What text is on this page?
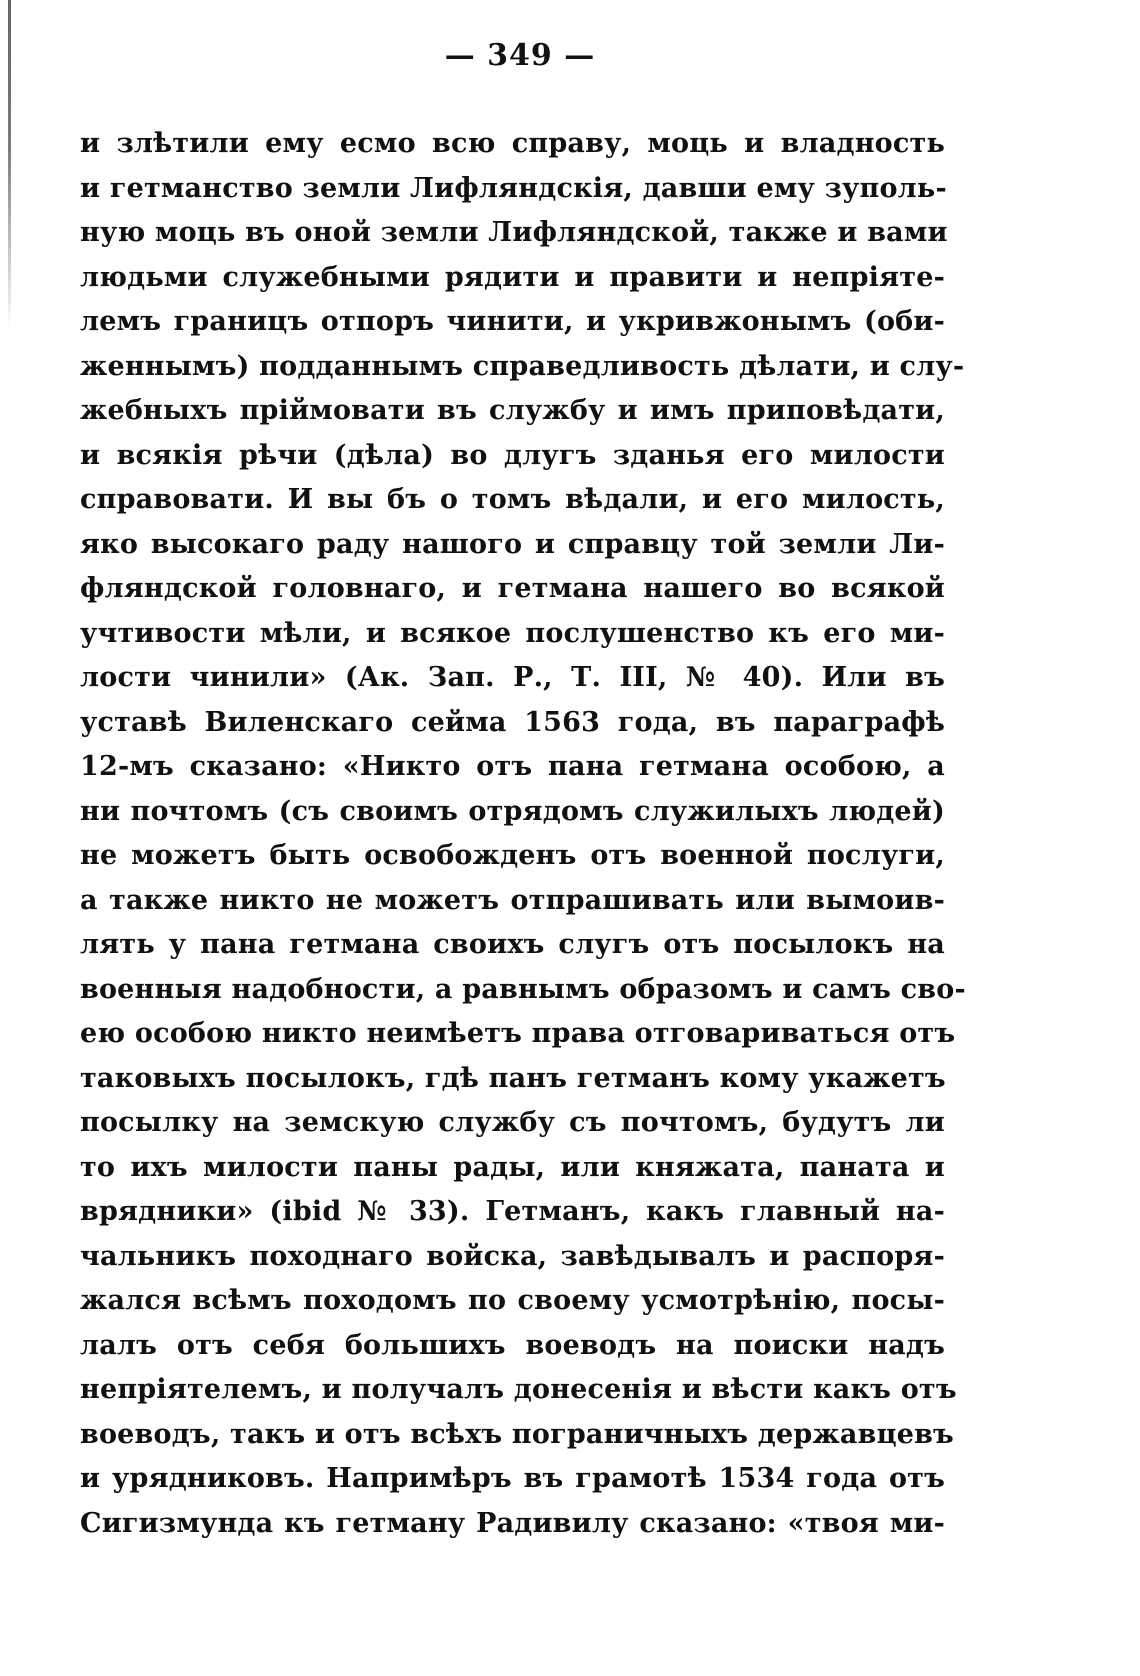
— 349 —
и злѣтили ему есмо всю справу, моць и владность
и гетманство земли Лифляндскія, давши ему зуполь-
ную моць въ оной земли Лифляндской, также и вами
людьми служебными рядити и правити и непріяте-
лемъ границъ отпоръ чинити, и укривжонымъ (оби-
женнымъ) подданнымъ справедливость дѣлати, и слу-
жебныхъ пріймовати въ службу и имъ приповѣдати,
и всякія рѣчи (дѣла) во длугъ зданья его милости
справовати. И вы бъ о томъ вѣдали, и его милость,
яко высокаго раду нашого и справцу той земли Ли-
фляндской головнаго, и гетмана нашего во всякой
учтивости мѣли, и всякое послушенство къ его ми-
лости чинили» (Ак. Зап. Р., Т. III, № 40). Или въ
уставѣ Виленскаго сейма 1563 года, въ параграфѣ
12-мъ сказано: «Никто отъ пана гетмана особою, а
ни почтомъ (съ своимъ отрядомъ служилыхъ людей)
не можетъ быть освобожденъ отъ военной послуги,
а также никто не можетъ отпрашивать или вымоив-
лять у пана гетмана своихъ слугъ отъ посылокъ на
военныя надобности, а равнымъ образомъ и самъ сво-
ею особою никто неимѣетъ права отговариваться отъ
таковыхъ посылокъ, гдѣ панъ гетманъ кому укажетъ
посылку на земскую службу съ почтомъ, будутъ ли
то ихъ милости паны рады, или княжата, паната и
врядники» (ibid № 33). Гетманъ, какъ главный на-
чальникъ походнаго войска, завѣдывалъ и распоря-
жался всѣмъ походомъ по своему усмотрѣнію, посы-
лалъ отъ себя большихъ воеводъ на поиски надъ
непріятелемъ, и получалъ донесенія и вѣсти какъ отъ
воеводъ, такъ и отъ всѣхъ пограничныхъ державцевъ
и урядниковъ. Напримѣръ въ грамотѣ 1534 года отъ
Сигизмунда къ гетману Радивилу сказано: «твоя ми-
